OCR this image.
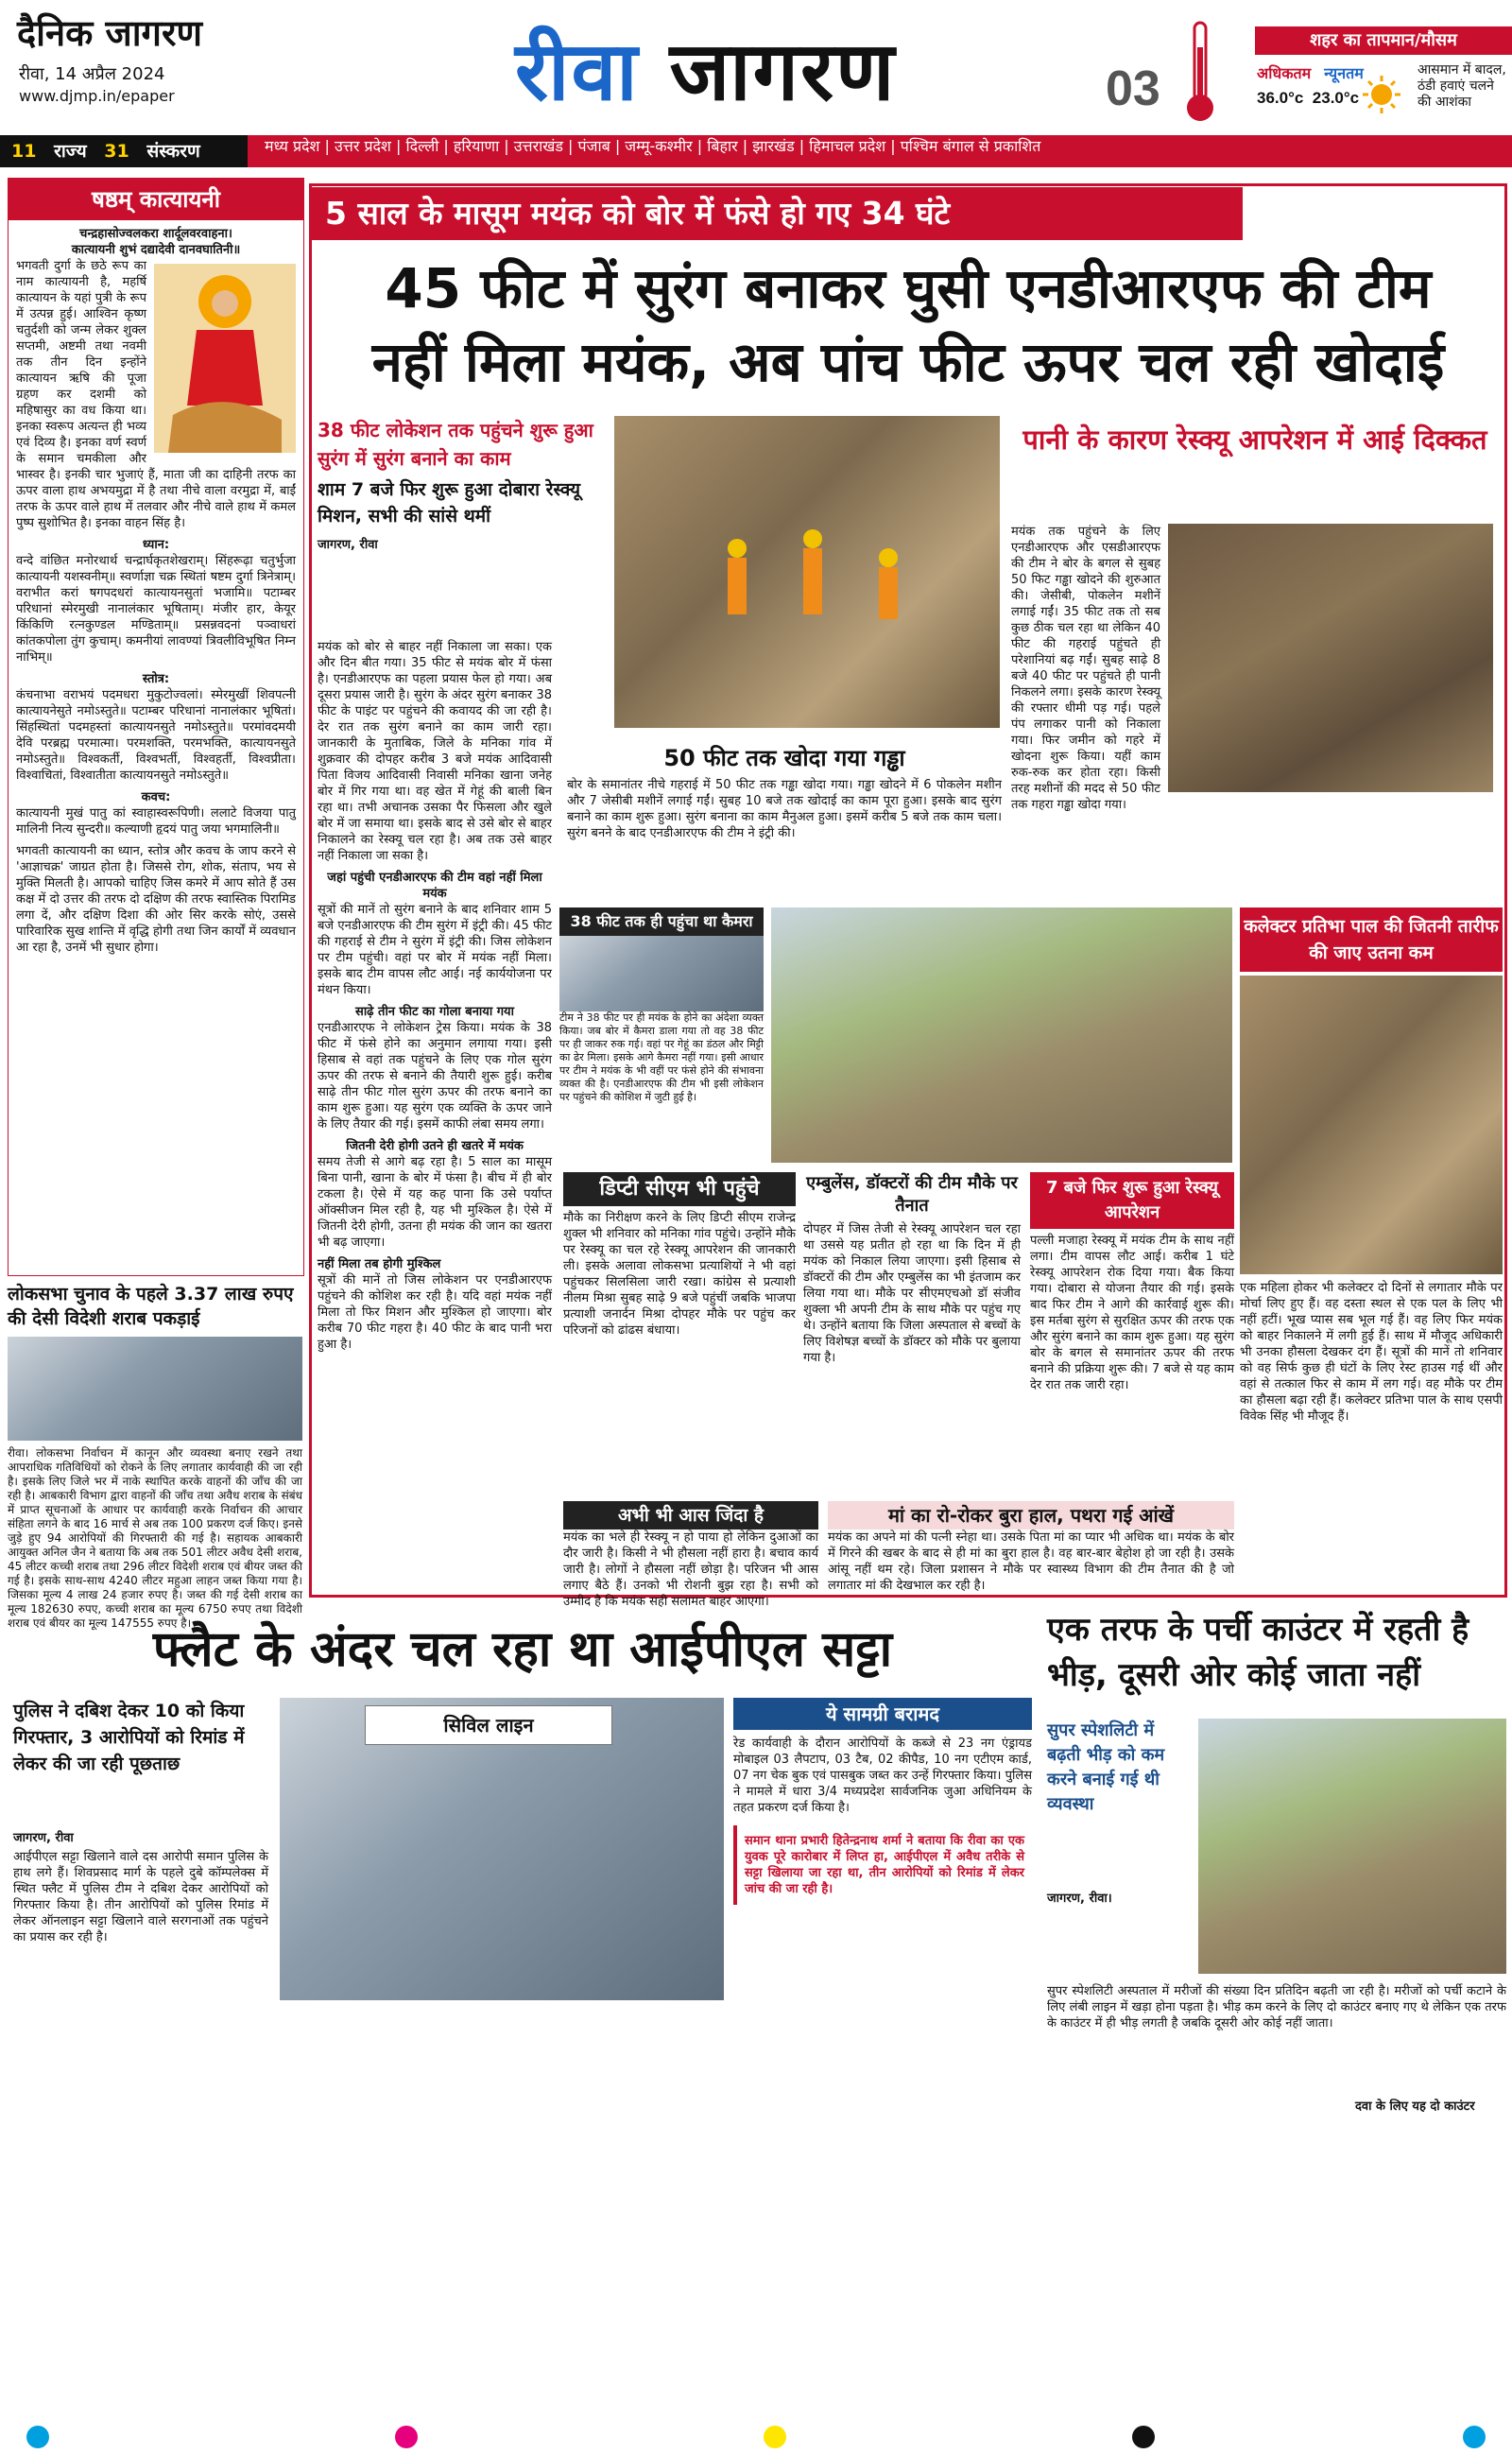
दैनिक जागरण
रीवा, 14 अप्रैल 2024
www.djmp.in/epaper	रीवा जागरण	03
शहर का तापमान/मौसम
अधिकतम न्यूनतम
36.0°c 23.0°c
आसमान में बादल, ठंडी हवाएं चलने की आशंका
11 राज्य 31 संस्करण	मध्य प्रदेश | उत्तर प्रदेश | दिल्ली | हरियाणा | उत्तराखंड | पंजाब | जम्मू-कश्मीर | बिहार | झारखंड | हिमाचल प्रदेश | पश्चिम बंगाल से प्रकाशित
षष्ठम् कात्यायनी
चन्द्रहासोज्वलकरा शार्दूलवरवाहना।
कात्यायनी शुभं दद्यादेवी दानवघातिनी॥
भगवती दुर्गा के छठे रूप का नाम कात्यायनी है, महर्षि कात्यायन के यहां पुत्री के रूप में उत्पन्न हुई। आश्विन कृष्ण चतुर्दशी को जन्म लेकर शुक्ल सप्तमी, अष्टमी तथा नवमी तक तीन दिन इन्होंने कात्यायन ऋषि की पूजा ग्रहण कर दशमी को महिषासुर का वध किया था। इनका स्वरूप अत्यन्त ही भव्य एवं दिव्य है। इनका वर्ण स्वर्ण के समान चमकीला और भास्वर है। इनकी चार भुजाएं हैं, माता जी का दाहिनी तरफ का ऊपर वाला हाथ अभयमुद्रा में है तथा नीचे वाला वरमुद्रा में, बाईं तरफ के ऊपर वाले हाथ में तलवार और नीचे वाले हाथ में कमल पुष्प सुशोभित है। इनका वाहन सिंह है।
ध्यान:
वन्दे वांछित मनोरथार्थ चन्द्रार्घकृतशेखराम्। सिंहरूढ़ा चतुर्भुजा कात्यायनी यशस्वनीम्॥ स्वर्णाज्ञा चक्र स्थितां षष्टम दुर्गा त्रिनेत्राम्। वराभीत करां षगपदधरां कात्यायनसुतां भजामि॥ पटाम्बर परिधानां स्मेरमुखी नानालंकार भूषिताम्। मंजीर हार, केयूर किंकिणि रत्नकुण्डल मण्डिताम्॥ प्रसन्नवदनां पञ्वाधरां कांतकपोला तुंग कुचाम्। कमनीयां लावण्यां त्रिवलीविभूषित निम्न नाभिम्॥
स्तोत्र:
कंचनाभा वराभयं पदमधरा मुकुटोज्वलां। स्मेरमुखीं शिवपत्नी कात्यायनेसुते नमोऽस्तुते॥ पटाम्बर परिधानां नानालंकार भूषितां। सिंहस्थितां पदमहस्तां कात्यायनसुते नमोऽस्तुते॥ परमांवदमयी देवि परब्रह्म परमात्मा। परमशक्ति, परमभक्ति, कात्यायनसुते नमोऽस्तुते॥ विश्वकर्ती, विश्वभर्ती, विश्वहर्ती, विश्वप्रीता। विश्वाचितां, विश्वातीता कात्यायनसुते नमोऽस्तुते॥
कवच:
कात्यायनी मुखं पातु कां स्वाहास्वरूपिणी। ललाटे विजया पातु मालिनी नित्य सुन्दरी॥ कल्याणी हृदयं पातु जया भगमालिनी॥
भगवती कात्यायनी का ध्यान, स्तोत्र और कवच के जाप करने से 'आज्ञाचक्र' जाग्रत होता है। जिससे रोग, शोक, संताप, भय से मुक्ति मिलती है। आपको चाहिए जिस कमरे में आप सोते हैं उस कक्ष में दो उत्तर की तरफ दो दक्षिण की तरफ स्वास्तिक पिरामिड लगा दें, और दक्षिण दिशा की ओर सिर करके सोएं, उससे पारिवारिक सुख शान्ति में वृद्धि होगी तथा जिन कार्यों में व्यवधान आ रहा है, उनमें भी सुधार होगा।
लोकसभा चुनाव के पहले 3.37 लाख रुपए की देसी विदेशी शराब पकड़ाई
रीवा। लोकसभा निर्वाचन में कानून और व्यवस्था बनाए रखने तथा आपराधिक गतिविधियों को रोकने के लिए लगातार कार्यवाही की जा रही है। इसके लिए जिले भर में नाके स्थापित करके वाहनों की जाँच की जा रही है। आबकारी विभाग द्वारा वाहनों की जाँच तथा अवैध शराब के संबंध में प्राप्त सूचनाओं के आधार पर कार्यवाही करके निर्वाचन की आचार संहिता लगने के बाद 16 मार्च से अब तक 100 प्रकरण दर्ज किए। इनसे जुड़े हुए 94 आरोपियों की गिरफ्तारी की गई है। सहायक आबकारी आयुक्त अनिल जैन ने बताया कि अब तक 501 लीटर अवैध देसी शराब, 45 लीटर कच्ची शराब तथा 296 लीटर विदेशी शराब एवं बीयर जब्त की गई है। इसके साथ-साथ 4240 लीटर महुआ लाहन जब्त किया गया है। जिसका मूल्य 4 लाख 24 हजार रुपए है। जब्त की गई देसी शराब का मूल्य 182630 रुपए, कच्ची शराब का मूल्य 6750 रुपए तथा विदेशी शराब एवं बीयर का मूल्य 147555 रुपए है।
5 साल के मासूम मयंक को बोर में फंसे हो गए 34 घंटे
45 फीट में सुरंग बनाकर घुसी एनडीआरएफ की टीम
नहीं मिला मयंक, अब पांच फीट ऊपर चल रही खोदाई
38 फीट लोकेशन तक पहुंचने शुरू हुआ सुरंग में सुरंग बनाने का काम
शाम 7 बजे फिर शुरू हुआ दोबारा रेस्क्यू मिशन, सभी की सांसे थमीं
जागरण, रीवा
मयंक को बोर से बाहर नहीं निकाला जा सका। एक और दिन बीत गया। 35 फीट से मयंक बोर में फंसा है। एनडीआरएफ का पहला प्रयास फेल हो गया। अब दूसरा प्रयास जारी है। सुरंग के अंदर सुरंग बनाकर 38 फीट के पाइंट पर पहुंचने की कवायद की जा रही है। देर रात तक सुरंग बनाने का काम जारी रहा। जानकारी के मुताबिक, जिले के मनिका गांव में शुक्रवार की दोपहर करीब 3 बजे मयंक आदिवासी पिता विजय आदिवासी निवासी मनिका खाना जनेह बोर में गिर गया था। वह खेत में गेहूं की बाली बिन रहा था। तभी अचानक उसका पैर फिसला और खुले बोर में जा समाया था। इसके बाद से उसे बोर से बाहर निकालने का रेस्क्यू चल रहा है। अब तक उसे बाहर नहीं निकाला जा सका है।
जहां पहुंची एनडीआरएफ की टीम वहां नहीं मिला मयंक
सूत्रों की मानें तो सुरंग बनाने के बाद शनिवार शाम 5 बजे एनडीआरएफ की टीम सुरंग में इंट्री की। 45 फीट की गहराई से टीम ने सुरंग में इंट्री की। जिस लोकेशन पर टीम पहुंची। वहां पर बोर में मयंक नहीं मिला। इसके बाद टीम वापस लौट आई। नई कार्ययोजना पर मंथन किया।
साढ़े तीन फीट का गोला बनाया गया
एनडीआरएफ ने लोकेशन ट्रेस किया। मयंक के 38 फीट में फंसे होने का अनुमान लगाया गया। इसी हिसाब से वहां तक पहुंचने के लिए एक गोल सुरंग ऊपर की तरफ से बनाने की तैयारी शुरू हुई। करीब साढ़े तीन फीट गोल सुरंग ऊपर की तरफ बनाने का काम शुरू हुआ। यह सुरंग एक व्यक्ति के ऊपर जाने के लिए तैयार की गई। इसमें काफी लंबा समय लगा।
जितनी देरी होगी उतने ही खतरे में मयंक
समय तेजी से आगे बढ़ रहा है। 5 साल का मासूम बिना पानी, खाना के बोर में फंसा है। बीच में ही बोर टकला है। ऐसे में यह कह पाना कि उसे पर्याप्त ऑक्सीजन मिल रही है, यह भी मुश्किल है। ऐसे में जितनी देरी होगी, उतना ही मयंक की जान का खतरा भी बढ़ जाएगा।
नहीं मिला तब होगी मुश्किल
सूत्रों की मानें तो जिस लोकेशन पर एनडीआरएफ पहुंचने की कोशिश कर रही है। यदि वहां मयंक नहीं मिला तो फिर मिशन और मुश्किल हो जाएगा। बोर करीब 70 फीट गहरा है। 40 फीट के बाद पानी भरा हुआ है।
पानी के कारण रेस्क्यू आपरेशन में आई दिक्कत
मयंक तक पहुंचने के लिए एनडीआरएफ और एसडीआरएफ की टीम ने बोर के बगल से सुबह 50 फिट गड्ढा खोदने की शुरुआत की। जेसीबी, पोकलेन मशीनें लगाई गईं। 35 फीट तक तो सब कुछ ठीक चल रहा था लेकिन 40 फीट की गहराई पहुंचते ही परेशानियां बढ़ गईं। सुबह साढ़े 8 बजे 40 फीट पर पहुंचते ही पानी निकलने लगा। इसके कारण रेस्क्यू की रफ्तार धीमी पड़ गई। पहले पंप लगाकर पानी को निकाला गया। फिर जमीन को गहरे में खोदना शुरू किया। यहीं काम रुक-रुक कर होता रहा। किसी तरह मशीनों की मदद से 50 फीट तक गहरा गड्ढा खोदा गया।
50 फीट तक खोदा गया गड्ढा
बोर के समानांतर नीचे गहराई में 50 फीट तक गड्ढा खोदा गया। गड्ढा खोदने में 6 पोकलेन मशीन और 7 जेसीबी मशीनें लगाई गईं। सुबह 10 बजे तक खोदाई का काम पूरा हुआ। इसके बाद सुरंग बनाने का काम शुरू हुआ। सुरंग बनाना का काम मैनुअल हुआ। इसमें करीब 5 बजे तक काम चला। सुरंग बनने के बाद एनडीआरएफ की टीम ने इंट्री की।
38 फीट तक ही पहुंचा था कैमरा
टीम ने 38 फीट पर ही मयंक के होने का अंदेशा व्यक्त किया। जब बोर में कैमरा डाला गया तो वह 38 फीट पर ही जाकर रुक गई। वहां पर गेहूं का डंठल और मिट्टी का ढेर मिला। इसके आगे कैमरा नहीं गया। इसी आधार पर टीम ने मयंक के भी वहीं पर फंसे होने की संभावना व्यक्त की है। एनडीआरएफ की टीम भी इसी लोकेशन पर पहुंचने की कोशिश में जुटी हुई है।
कलेक्टर प्रतिभा पाल की जितनी तारीफ की जाए उतना कम
एक महिला होकर भी कलेक्टर दो दिनों से लगातार मौके पर मोर्चा लिए हुए हैं। वह दस्ता स्थल से एक पल के लिए भी नहीं हटीं। भूख प्यास सब भूल गई हैं। वह लिए फिर मयंक को बाहर निकालने में लगी हुई हैं। साथ में मौजूद अधिकारी भी उनका हौसला देखकर दंग हैं। सूत्रों की मानें तो शनिवार को वह सिर्फ कुछ ही घंटों के लिए रेस्ट हाउस गई थीं और वहां से तत्काल फिर से काम में लग गई। वह मौके पर टीम का हौसला बढ़ा रही हैं। कलेक्टर प्रतिभा पाल के साथ एसपी विवेक सिंह भी मौजूद हैं।
डिप्टी सीएम भी पहुंचे
मौके का निरीक्षण करने के लिए डिप्टी सीएम राजेन्द्र शुक्ल भी शनिवार को मनिका गांव पहुंचे। उन्होंने मौके पर रेस्क्यू का चल रहे रेस्क्यू आपरेशन की जानकारी ली। इसके अलावा लोकसभा प्रत्याशियों ने भी वहां पहुंचकर सिलसिला जारी रखा। कांग्रेस से प्रत्याशी नीलम मिश्रा सुबह साढ़े 9 बजे पहुंचीं जबकि भाजपा प्रत्याशी जनार्दन मिश्रा दोपहर मौके पर पहुंच कर परिजनों को ढांढस बंधाया।
एम्बुलेंस, डॉक्टरों की टीम मौके पर तैनात
दोपहर में जिस तेजी से रेस्क्यू आपरेशन चल रहा था उससे यह प्रतीत हो रहा था कि दिन में ही मयंक को निकाल लिया जाएगा। इसी हिसाब से डॉक्टरों की टीम और एम्बुलेंस का भी इंतजाम कर लिया गया था। मौके पर सीएमएचओ डॉ संजीव शुक्ला भी अपनी टीम के साथ मौके पर पहुंच गए थे। उन्होंने बताया कि जिला अस्पताल से बच्चों के लिए विशेषज्ञ बच्चों के डॉक्टर को मौके पर बुलाया गया है।
7 बजे फिर शुरू हुआ रेस्क्यू आपरेशन
पल्ली मजाहा रेस्क्यू में मयंक टीम के साथ नहीं लगा। टीम वापस लौट आई। करीब 1 घंटे रेस्क्यू आपरेशन रोक दिया गया। बैक किया गया। दोबारा से योजना तैयार की गई। इसके बाद फिर टीम ने आगे की कार्रवाई शुरू की। इस मर्तबा सुरंग से सुरक्षित ऊपर की तरफ एक और सुरंग बनाने का काम शुरू हुआ। यह सुरंग बोर के बगल से समानांतर ऊपर की तरफ बनाने की प्रक्रिया शुरू की। 7 बजे से यह काम देर रात तक जारी रहा।
अभी भी आस जिंदा है
मयंक का भले ही रेस्क्यू न हो पाया हो लेकिन दुआओं का दौर जारी है। किसी ने भी हौसला नहीं हारा है। बचाव कार्य जारी है। लोगों ने हौसला नहीं छोड़ा है। परिजन भी आस लगाए बैठे हैं। उनको भी रोशनी बुझ रहा है। सभी को उम्मीद है कि मयंक सही सलामत बाहर आएगा।
मां का रो-रोकर बुरा हाल, पथरा गई आंखें
मयंक का अपने मां की पत्नी स्नेहा था। उसके पिता मां का प्यार भी अधिक था। मयंक के बोर में गिरने की खबर के बाद से ही मां का बुरा हाल है। वह बार-बार बेहोश हो जा रही है। उसके आंसू नहीं थम रहे। जिला प्रशासन ने मौके पर स्वास्थ्य विभाग की टीम तैनात की है जो लगातार मां की देखभाल कर रही है।
फ्लैट के अंदर चल रहा था आईपीएल सट्टा
पुलिस ने दबिश देकर 10 को किया गिरफ्तार, 3 आरोपियों को रिमांड में लेकर की जा रही पूछताछ
जागरण, रीवा
आईपीएल सट्टा खिलाने वाले दस आरोपी समान पुलिस के हाथ लगे हैं। शिवप्रसाद मार्ग के पहले दुबे कॉम्पलेक्स में स्थित फ्लैट में पुलिस टीम ने दबिश देकर आरोपियों को गिरफ्तार किया है। तीन आरोपियों को पुलिस रिमांड में लेकर ऑनलाइन सट्टा खिलाने वाले सरगनाओं तक पहुंचने का प्रयास कर रही है।
सिविल लाइन	ये सामग्री बरामद
रेड कार्यवाही के दौरान आरोपियों के कब्जे से 23 नग एंड्रायड मोबाइल 03 लैपटाप, 03 टैब, 02 कीपैड, 10 नग एटीएम कार्ड, 07 नग चेक बुक एवं पासबुक जब्त कर उन्हें गिरफ्तार किया। पुलिस ने मामले में धारा 3/4 मध्यप्रदेश सार्वजनिक जुआ अधिनियम के तहत प्रकरण दर्ज किया है।
समान थाना प्रभारी हितेन्द्रनाथ शर्मा ने बताया कि रीवा का एक युवक पूरे कारोबार में लिप्त हा, आईपीएल में अवैध तरीके से सट्टा खिलाया जा रहा था, तीन आरोपियों को रिमांड में लेकर जांच की जा रही है।
एक तरफ के पर्ची काउंटर में रहती है भीड़, दूसरी ओर कोई जाता नहीं
सुपर स्पेशलिटी में बढ़ती भीड़ को कम करने बनाई गई थी व्यवस्था
जागरण, रीवा।
सुपर स्पेशलिटी अस्पताल में मरीजों की संख्या दिन प्रतिदिन बढ़ती जा रही है। मरीजों को पर्ची कटाने के लिए लंबी लाइन में खड़ा होना पड़ता है। भीड़ कम करने के लिए दो काउंटर बनाए गए थे लेकिन एक तरफ के काउंटर में ही भीड़ लगती है जबकि दूसरी ओर कोई नहीं जाता।
दवा के लिए यह दो काउंटर
